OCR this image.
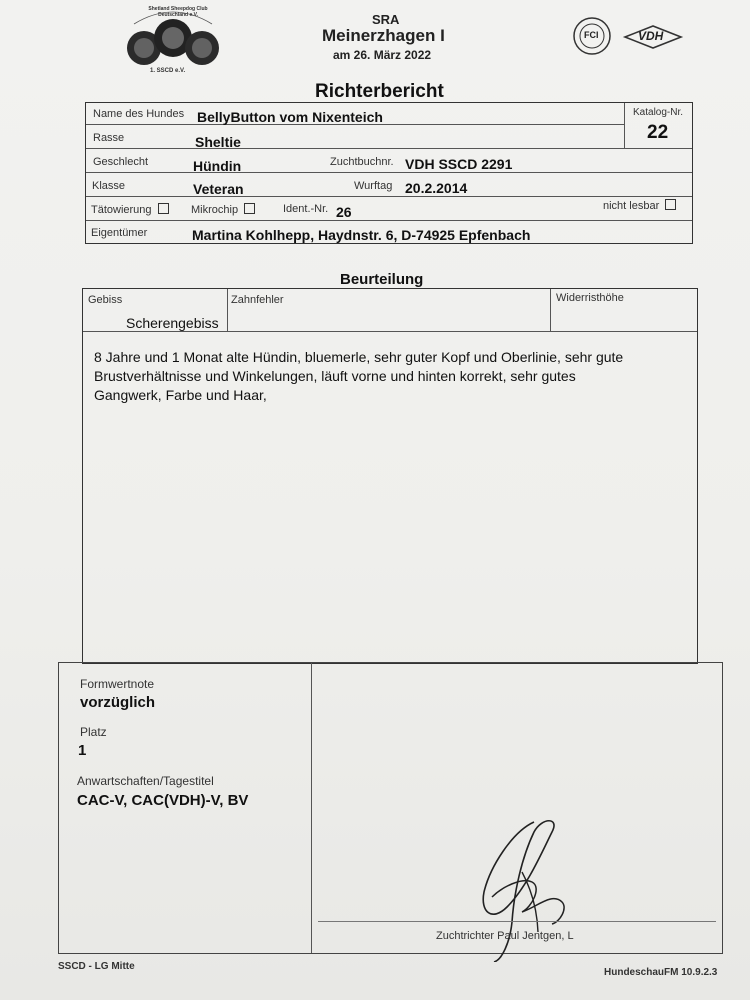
Shetland Sheepdog Club Deutschland e.V.
1. SSCD e.V.
SRA
Meinerzhagen I
am 26. März 2022
FCI	VDH
Richterbericht
Name des Hundes BellyButton vom Nixenteich
Rasse	Sheltie
Katalog-Nr.
22
Geschlecht	Hündin	Zuchtbuchnr. VDH SSCD 2291
Klasse	Veteran	Wurftag 20.2.2014
Tätowierung	Mikrochip	Ident.-Nr. 26	nicht lesbar
Eigentümer	Martina Kohlhepp, Haydnstr. 6, D-74925 Epfenbach
Beurteilung
Gebiss
Scherengebiss
Zahnfehler	Widerristhöhe
8 Jahre und 1 Monat alte Hündin, bluemerle, sehr guter Kopf und Oberlinie, sehr gute
Brustverhältnisse und Winkelungen, läuft vorne und hinten korrekt, sehr gutes
Gangwerk, Farbe und Haar,
Formwertnote
vorzüglich
Platz
1
Anwartschaften/Tagestitel
CAC-V, CAC(VDH)-V, BV
Zuchtrichter Paul Jentgen, L
SSCD - LG Mitte
HundeschauFM 10.9.2.3
